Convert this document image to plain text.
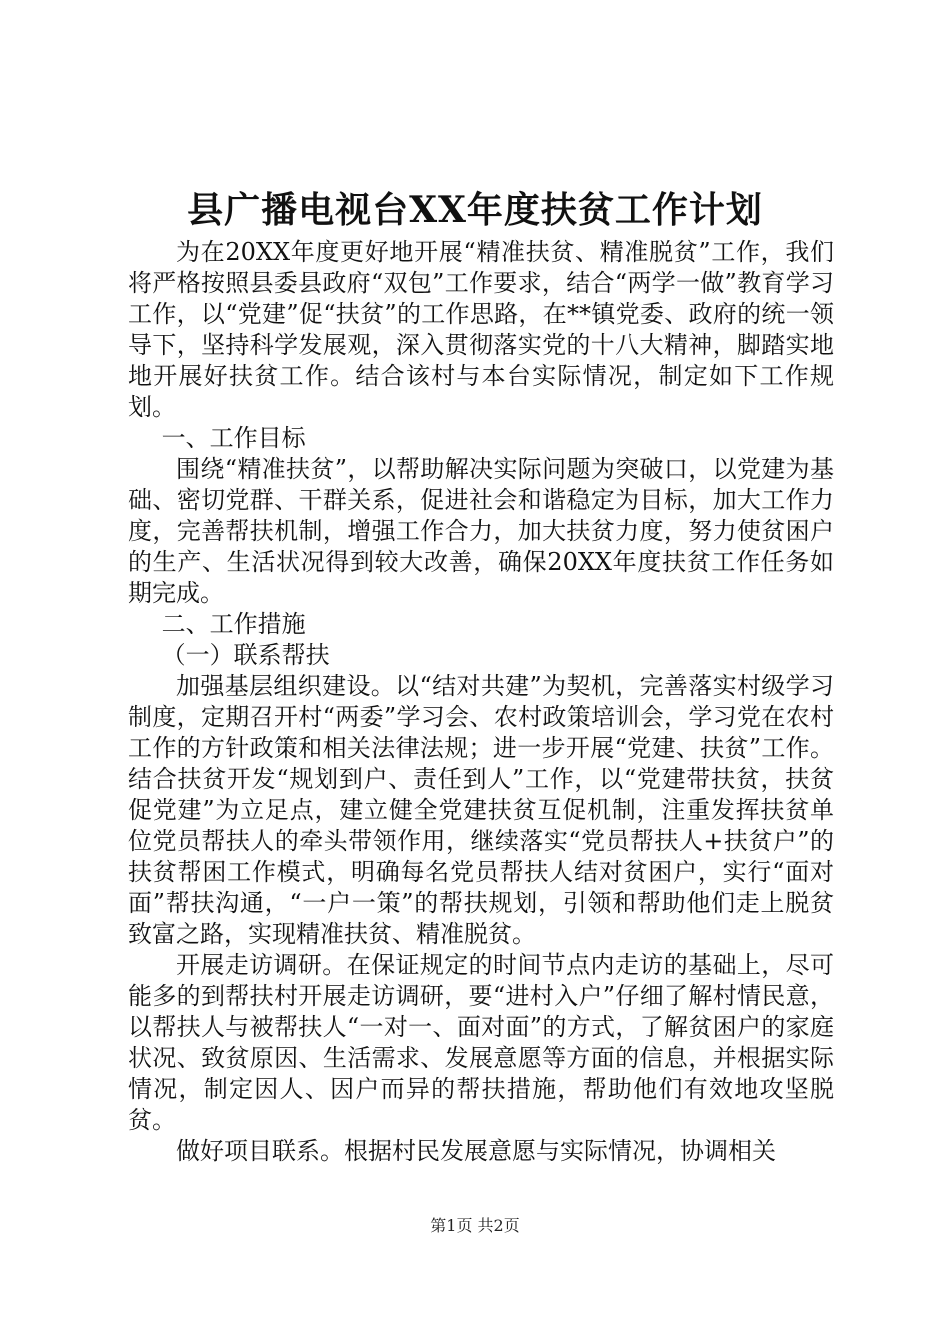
县广播电视台XX年度扶贫工作计划

为在20XX年度更好地开展“精准扶贫、精准脱贫”工作，我们将严格按照县委县政府“双包”工作要求，结合“两学一做”教育学习工作，以“党建”促“扶贫”的工作思路，在**镇党委、政府的统一领导下，坚持科学发展观，深入贯彻落实党的十八大精神，脚踏实地地开展好扶贫工作。结合该村与本台实际情况，制定如下工作规划。

一、工作目标

围绕“精准扶贫”，以帮助解决实际问题为突破口，以党建为基础、密切党群、干群关系，促进社会和谐稳定为目标，加大工作力度，完善帮扶机制，增强工作合力，加大扶贫力度，努力使贫困户的生产、生活状况得到较大改善，确保20XX年度扶贫工作任务如期完成。

二、工作措施

（一）联系帮扶

加强基层组织建设。以“结对共建”为契机，完善落实村级学习制度，定期召开村“两委”学习会、农村政策培训会，学习党在农村工作的方针政策和相关法律法规；进一步开展“党建、扶贫”工作。结合扶贫开发“规划到户、责任到人”工作，以“党建带扶贫，扶贫促党建”为立足点，建立健全党建扶贫互促机制，注重发挥扶贫单位党员帮扶人的牵头带领作用，继续落实“党员帮扶人+扶贫户”的扶贫帮困工作模式，明确每名党员帮扶人结对贫困户，实行“面对面”帮扶沟通，“一户一策”的帮扶规划，引领和帮助他们走上脱贫致富之路，实现精准扶贫、精准脱贫。

开展走访调研。在保证规定的时间节点内走访的基础上，尽可能多的到帮扶村开展走访调研，要“进村入户”仔细了解村情民意，以帮扶人与被帮扶人“一对一、面对面”的方式，了解贫困户的家庭状况、致贫原因、生活需求、发展意愿等方面的信息，并根据实际情况，制定因人、因户而异的帮扶措施，帮助他们有效地攻坚脱贫。

做好项目联系。根据村民发展意愿与实际情况，协调相关

第1页 共2页
